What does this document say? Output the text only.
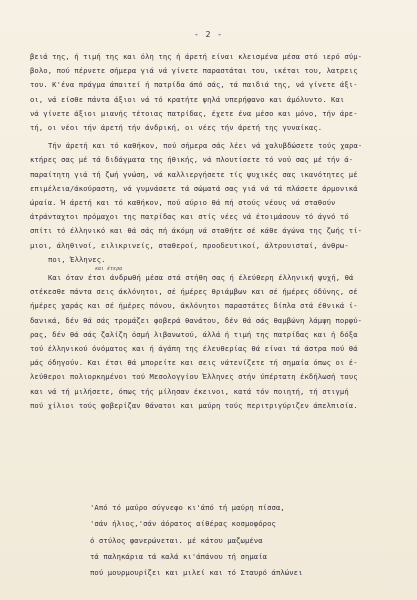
- 2 -
βειά της, ή τιμή της και όλη της ή άρετή είναι κλεισμένα μέσα στό ιερό σύμ-
βολο, πού πέρνετε σήμερα γιά νά γίνετε παραστάται του, ικέται του, λατρεις
του. Κ'ένα πράγμα άπαιτεί ή πατρίδα άπό σάς, τά παιδιά της, νά γίνετε άξι-
οι, νά είσθε πάντα άξιοι νά τό κρατήτε ψηλά υπερήφανο και άμόλυντο. Και
νά γίνετε άξιοι μιανής τέτοιας πατρίδας, έχετε ένα μέσο και μόνο, τήν άρε-
τή, οι νέοι τήν άρετή τήν άνδρική, οι νέες τήν άρετή της γυναίκας.
Τήν άρετή και τό καθήκον, πού σήμερα σάς λέει νά χαλυβδώσετε τούς χαρα-
κτήρες σας μέ τά διδάγματα της ήθικής, νά πλουτίσετε τό νού σας μέ τήν ά-
παραίτητη γιά τή ζωή γνώση, νά καλλιεργήσετε τίς ψυχικές σας ικανότητες μέ
επιμέλεια/άκούραστη, νά γυμνάσετε τά σώματά σας γιά νά τά πλάσετε άρμονικά
ώραία. Ή άρετή και τό καθήκον, πού αύριο θά πή στούς νέους νά σταθούν
άτράνταχτοι πρόμαχοι της πατρίδας και στίς νέες νά έτοιμάσουν τό άγνό τό
σπίτι τό έλληνικό και θά σάς πή άκόμη νά σταθήτε σέ κάθε άγώνα της ζωής τί-
μιοι, άληθινοί, ειλικρινείς, σταθεροί, προοδευτικοί, άλτρουισταί, άνθρω-
ποι, Έλληνες.
Και όταν έτσι άνδρωθή μέσα στά στήθη σας ή έλεύθερη έλληνική ψυχή, θά
στέκεσθε πάντα σεις άκλόνητοι, σέ ήμέρες θριάμβων και σέ ήμέρες όδύνης, σέ
ήμέρες χαράς και σέ ήμέρες πόνου, άκλόνητοι παραστάτες δίπλα στά έθνικά ί-
δανικά, δέν θά σάς τρομάζει φοβερά θανάτου, δέν θά σάς θαμβώνη λάμψη πορφύ-
ρας, δέν θά σάς ζαλίζη όσμή λιβανωτού, άλλά ή τιμή της πατρίδας και ή δόξα
τού έλληνικού όνόματος και ή άγάπη της έλευθερίας θά είναι τά άστρα πού θά
μάς όδηγούν. Και έτσι θά μπορείτε και σεις νάτενίζετε τή σημαία όπως οι έ-
λεύθεροι πολιορκημένοι τού Μεσολογγίου Έλληνες στήν ύπέρτατη έκδήλωσή τους
και νά τή μιλήσετε, όπως τής μίλησαν έκεινοι, κατά τόν ποιητή, τή στιγμή
πού χίλιοι τούς φοβερίζαν θάνατοι και μαύρη τούς περιτριγύριζεν άπελπισία.
και έτερα
'Από τό μαύρο σύγνεφο κι'άπό τή μαύρη πίσσα,
'σάν ήλιος,'σάν άόρατος αίθέρας κοσμοφόρος
ό στύλος φανερώνεται. μέ κάτου μαζωμένα
τά παληκάρια τά καλά κι'άπάνου τή σημαία
πού μουρμουρίζει και μιλεί και τό Σταυρό άπλώνει
